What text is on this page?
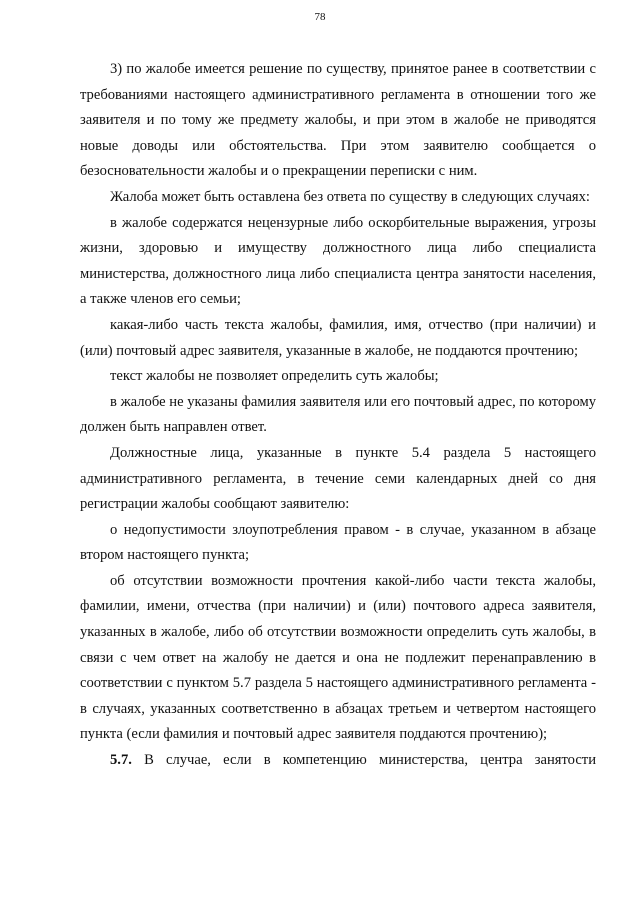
78

3) по жалобе имеется решение по существу, принятое ранее в соответствии с требованиями настоящего административного регламента в отношении того же заявителя и по тому же предмету жалобы, и при этом в жалобе не приводятся новые доводы или обстоятельства. При этом заявителю сообщается о безосновательности жалобы и о прекращении переписки с ним.

Жалоба может быть оставлена без ответа по существу в следующих случаях:

в жалобе содержатся нецензурные либо оскорбительные выражения, угрозы жизни, здоровью и имуществу должностного лица либо специалиста министерства, должностного лица либо специалиста центра занятости населения, а также членов его семьи;

какая-либо часть текста жалобы, фамилия, имя, отчество (при наличии) и (или) почтовый адрес заявителя, указанные в жалобе, не поддаются прочтению;

текст жалобы не позволяет определить суть жалобы;

в жалобе не указаны фамилия заявителя или его почтовый адрес, по которому должен быть направлен ответ.

Должностные лица, указанные в пункте 5.4 раздела 5 настоящего административного регламента, в течение семи календарных дней со дня регистрации жалобы сообщают заявителю:

о недопустимости злоупотребления правом - в случае, указанном в абзаце втором настоящего пункта;

об отсутствии возможности прочтения какой-либо части текста жалобы, фамилии, имени, отчества (при наличии) и (или) почтового адреса заявителя, указанных в жалобе, либо об отсутствии возможности определить суть жалобы, в связи с чем ответ на жалобу не дается и она не подлежит перенаправлению в соответствии с пунктом 5.7 раздела 5 настоящего административного регламента - в случаях, указанных соответственно в абзацах третьем и четвертом настоящего пункта (если фамилия и почтовый адрес заявителя поддаются прочтению);

5.7. В случае, если в компетенцию министерства, центра занятости
